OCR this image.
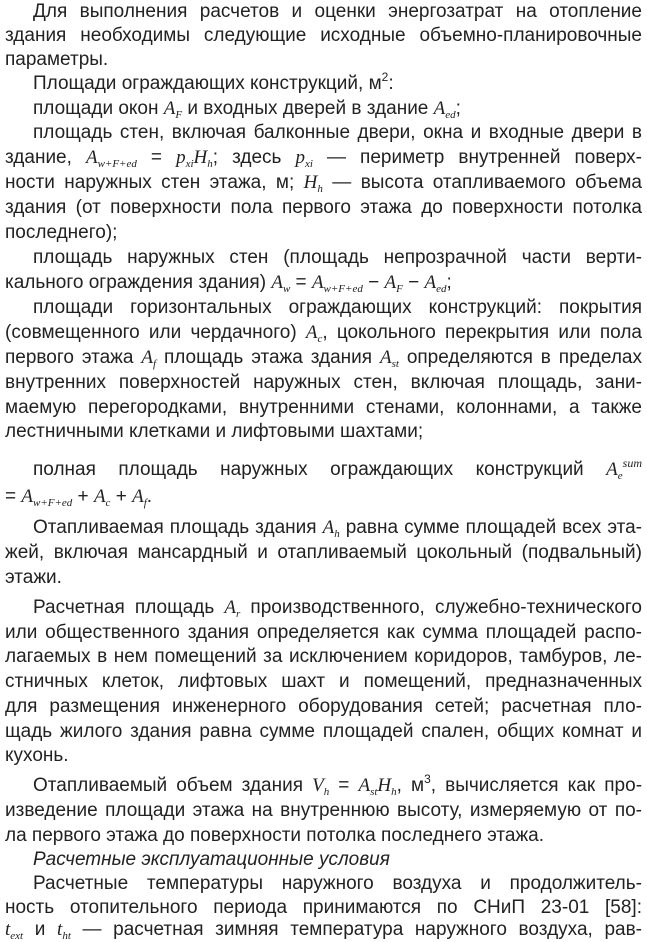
Для выполнения расчетов и оценки энергозатрат на отопление
здания необходимы следующие исходные объемно-планировочные
параметры.
Площади ограждающих конструкций, $м^2$:
площади окон $A_F$ и входных дверей в здание $A_{ed}$;
площадь стен, включая балконные двери, окна и входные двери в
здание, $A_{w+F+ed} = p_{xi}H_h$; здесь $p_{xi}$ — периметр внутренней поверх-
ности наружных стен этажа, м; $H_h$ — высота отапливаемого объема
здания (от поверхности пола первого этажа до поверхности потолка
последнего);
площадь наружных стен (площадь непрозрачной части верти-
кального ограждения здания) $A_w = A_{w+F+ed} - A_F - A_{ed}$;
площади горизонтальных ограждающих конструкций: покрытия
(совмещенного или чердачного) $A_c$, цокольного перекрытия или пола
первого этажа $A_f$ площадь этажа здания $A_{st}$ определяются в пределах
внутренних поверхностей наружных стен, включая площадь, зани-
маемую перегородками, внутренними стенами, колоннами, а также
лестничными клетками и лифтовыми шахтами;
полная площадь наружных ограждающих конструкций $A_e^{sum}$
= $A_{w+F+ed} + A_c + A_f$.
Отапливаемая площадь здания $A_h$ равна сумме площадей всех эта-
жей, включая мансардный и отапливаемый цокольный (подвальный)
этажи.
Расчетная площадь $A_r$ производственного, служебно-технического
или общественного здания определяется как сумма площадей распо-
лагаемых в нем помещений за исключением коридоров, тамбуров, ле-
стничных клеток, лифтовых шахт и помещений, предназначенных
для размещения инженерного оборудования сетей; расчетная пло-
щадь жилого здания равна сумме площадей спален, общих комнат и
кухонь.
Отапливаемый объем здания $V_h = A_{st}H_h$, $м^3$, вычисляется как про-
изведение площади этажа на внутреннюю высоту, измеряемую от по-
ла первого этажа до поверхности потолка последнего этажа.
Расчетные эксплуатационные условия
Расчетные температуры наружного воздуха и продолжитель-
ность отопительного периода принимаются по СНиП 23-01 [58]:
$t_{ext}$ и $t_{ht}$ — расчетная зимняя температура наружного воздуха, рав-
